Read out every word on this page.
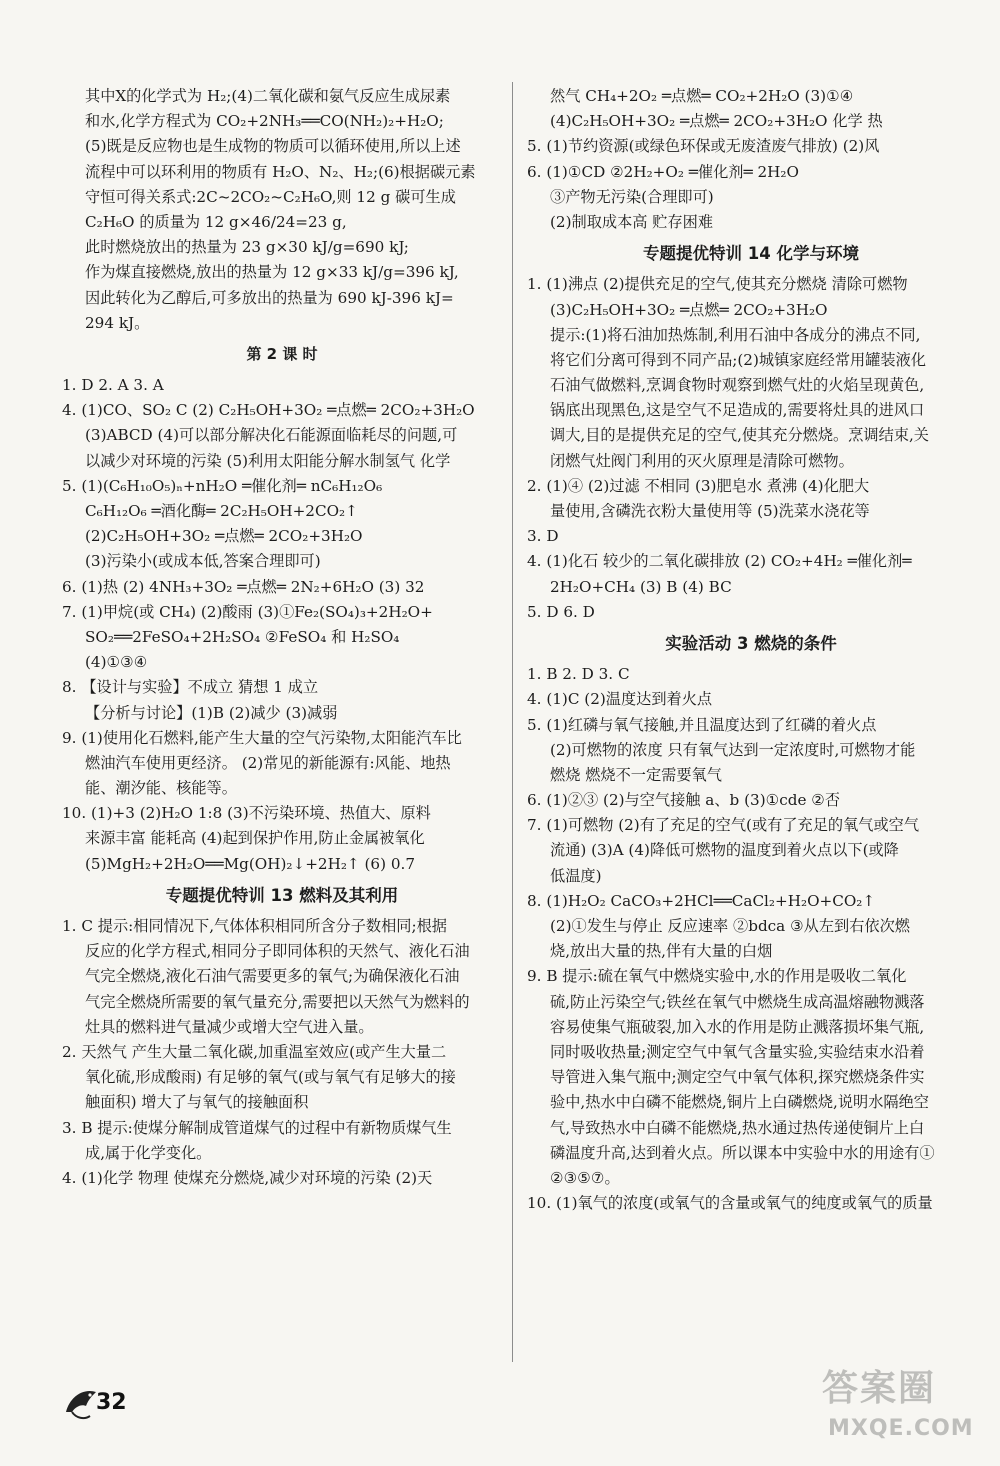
其中X的化学式为 H₂;(4)二氧化碳和氨气反应生成尿素
和水,化学方程式为 CO₂+2NH₃══CO(NH₂)₂+H₂O;
(5)既是反应物也是生成物的物质可以循环使用,所以上述
流程中可以环利用的物质有 H₂O、N₂、H₂;(6)根据碳元素
守恒可得关系式:2C~2CO₂~C₂H₆O,则 12 g 碳可生成
C₂H₆O 的质量为 12 g×46/24=23 g,
此时燃烧放出的热量为 23 g×30 kJ/g=690 kJ;
作为煤直接燃烧,放出的热量为 12 g×33 kJ/g=396 kJ,
因此转化为乙醇后,可多放出的热量为 690 kJ-396 kJ=
294 kJ。
第 2 课 时
1. D 2. A 3. A
4. (1)CO、SO₂ C (2) C₂H₅OH+3O₂ ═点燃═ 2CO₂+3H₂O
(3)ABCD (4)可以部分解决化石能源面临耗尽的问题,可
以减少对环境的污染 (5)利用太阳能分解水制氢气 化学
5. (1)(C₆H₁₀O₅)ₙ+nH₂O ═催化剂═ nC₆H₁₂O₆
C₆H₁₂O₆ ═酒化酶═ 2C₂H₅OH+2CO₂↑
(2)C₂H₅OH+3O₂ ═点燃═ 2CO₂+3H₂O
(3)污染小(或成本低,答案合理即可)
6. (1)热 (2) 4NH₃+3O₂ ═点燃═ 2N₂+6H₂O (3) 32
7. (1)甲烷(或 CH₄) (2)酸雨 (3)①Fe₂(SO₄)₃+2H₂O+
SO₂══2FeSO₄+2H₂SO₄ ②FeSO₄ 和 H₂SO₄
(4)①③④
8. 【设计与实验】不成立 猜想 1 成立
【分析与讨论】(1)B (2)减少 (3)减弱
9. (1)使用化石燃料,能产生大量的空气污染物,太阳能汽车比
燃油汽车使用更经济。 (2)常见的新能源有:风能、地热
能、潮汐能、核能等。
10. (1)+3 (2)H₂O 1:8 (3)不污染环境、热值大、原料
来源丰富 能耗高 (4)起到保护作用,防止金属被氧化
(5)MgH₂+2H₂O══Mg(OH)₂↓+2H₂↑ (6) 0.7
专题提优特训 13 燃料及其利用
1. C 提示:相同情况下,气体体积相同所含分子数相同;根据
反应的化学方程式,相同分子即同体积的天然气、液化石油
气完全燃烧,液化石油气需要更多的氧气;为确保液化石油
气完全燃烧所需要的氧气量充分,需要把以天然气为燃料的
灶具的燃料进气量减少或增大空气进入量。
2. 天然气 产生大量二氧化碳,加重温室效应(或产生大量二
氧化硫,形成酸雨) 有足够的氧气(或与氧气有足够大的接
触面积) 增大了与氧气的接触面积
3. B 提示:使煤分解制成管道煤气的过程中有新物质煤气生
成,属于化学变化。
4. (1)化学 物理 使煤充分燃烧,减少对环境的污染 (2)天
然气 CH₄+2O₂ ═点燃═ CO₂+2H₂O (3)①④
(4)C₂H₅OH+3O₂ ═点燃═ 2CO₂+3H₂O 化学 热
5. (1)节约资源(或绿色环保或无废渣废气排放) (2)风
6. (1)①CD ②2H₂+O₂ ═催化剂═ 2H₂O
③产物无污染(合理即可)
(2)制取成本高 贮存困难
专题提优特训 14 化学与环境
1. (1)沸点 (2)提供充足的空气,使其充分燃烧 清除可燃物
(3)C₂H₅OH+3O₂ ═点燃═ 2CO₂+3H₂O
提示:(1)将石油加热炼制,利用石油中各成分的沸点不同,
将它们分离可得到不同产品;(2)城镇家庭经常用罐装液化
石油气做燃料,烹调食物时观察到燃气灶的火焰呈现黄色,
锅底出现黑色,这是空气不足造成的,需要将灶具的进风口
调大,目的是提供充足的空气,使其充分燃烧。烹调结束,关
闭燃气灶阀门利用的灭火原理是清除可燃物。
2. (1)④ (2)过滤 不相同 (3)肥皂水 煮沸 (4)化肥大
量使用,含磷洗衣粉大量使用等 (5)洗菜水浇花等
3. D
4. (1)化石 较少的二氧化碳排放 (2) CO₂+4H₂ ═催化剂═
2H₂O+CH₄ (3) B (4) BC
5. D 6. D
实验活动 3 燃烧的条件
1. B 2. D 3. C
4. (1)C (2)温度达到着火点
5. (1)红磷与氧气接触,并且温度达到了红磷的着火点
(2)可燃物的浓度 只有氧气达到一定浓度时,可燃物才能
燃烧 燃烧不一定需要氧气
6. (1)②③ (2)与空气接触 a、b (3)①cde ②否
7. (1)可燃物 (2)有了充足的空气(或有了充足的氧气或空气
流通) (3)A (4)降低可燃物的温度到着火点以下(或降
低温度)
8. (1)H₂O₂ CaCO₃+2HCl══CaCl₂+H₂O+CO₂↑
(2)①发生与停止 反应速率 ②bdca ③从左到右依次燃
烧,放出大量的热,伴有大量的白烟
9. B 提示:硫在氧气中燃烧实验中,水的作用是吸收二氧化
硫,防止污染空气;铁丝在氧气中燃烧生成高温熔融物溅落
容易使集气瓶破裂,加入水的作用是防止溅落损坏集气瓶,
同时吸收热量;测定空气中氧气含量实验,实验结束水沿着
导管进入集气瓶中;测定空气中氧气体积,探究燃烧条件实
验中,热水中白磷不能燃烧,铜片上白磷燃烧,说明水隔绝空
气,导致热水中白磷不能燃烧,热水通过热传递使铜片上白
磷温度升高,达到着火点。所以课本中实验中水的用途有①
②③⑤⑦。
10. (1)氧气的浓度(或氧气的含量或氧气的纯度或氧气的质量
32	答案圈
MXQE.COM
